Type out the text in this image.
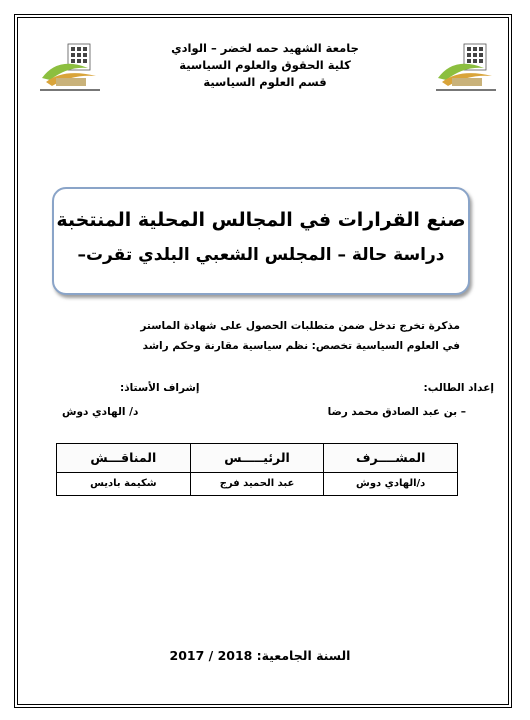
جامعة الشهيد حمه لخضر – الوادي
كلية الحقوق والعلوم السياسية
قسم العلوم السياسية
صنع القرارات في المجالس المحلية المنتخبة
دراسة حالة – المجلس الشعبي البلدي تقرت–
مذكرة تخرج تدخل ضمن متطلبات الحصول على شهادة الماستر
في العلوم السياسية تخصص: نظم سياسية مقارنة وحكم راشد
إعداد الطالب:
إشراف الأستاذ:
– بن عبد الصادق محمد رضا
د/ الهادي دوش
المشــــرف	الرئيـــــس	المناقـــش
د/الهادي دوش	عبد الحميد فرج	شكيمة باديس
السنة الجامعية: 2017 / 2018
